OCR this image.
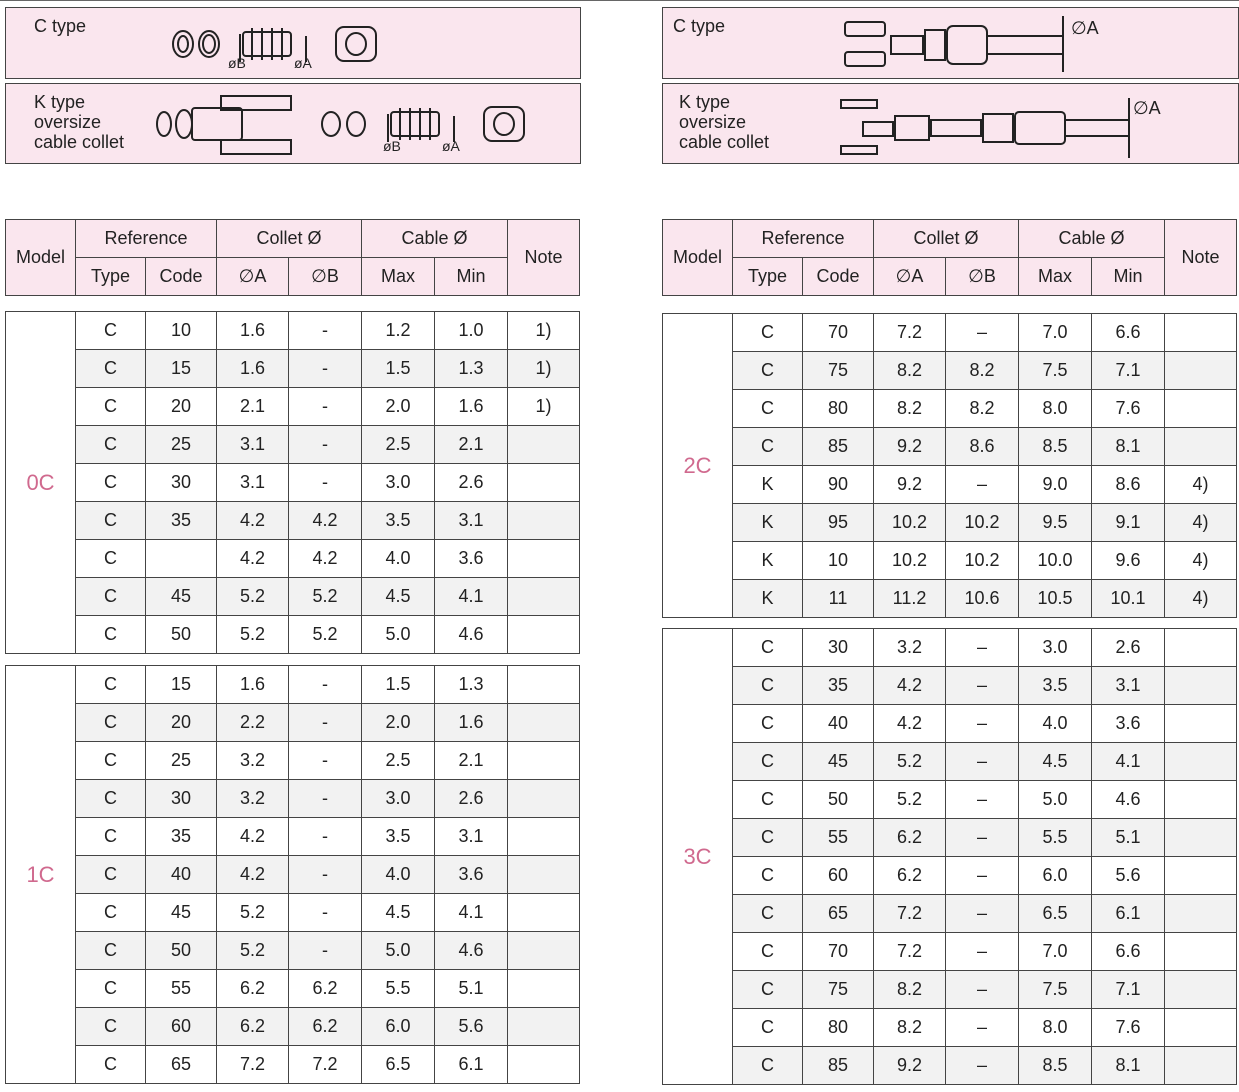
C type
øB	øA
K type
oversize
cable collet	øB	øA
C type	∅A
K type
oversize
cable collet
∅A
Model	Reference		Collet Ø		Cable Ø		Note
	Type	Code	∅A	∅B	Max	Min	
Model	Reference		Collet Ø		Cable Ø		Note
	Type	Code	∅A	∅B	Max	Min	
0C	C	10	1.6	-	1.2	1.0	1)
	C	15	1.6	-	1.5	1.3	1)
	C	20	2.1	-	2.0	1.6	1)
	C	25	3.1	-	2.5	2.1	
	C	30	3.1	-	3.0	2.6	
	C	35	4.2	4.2	3.5	3.1	
	C		4.2	4.2	4.0	3.6	
	C	45	5.2	5.2	4.5	4.1	
	C	50	5.2	5.2	5.0	4.6	
1C	C	15	1.6	-	1.5	1.3	
	C	20	2.2	-	2.0	1.6	
	C	25	3.2	-	2.5	2.1	
	C	30	3.2	-	3.0	2.6	
	C	35	4.2	-	3.5	3.1	
	C	40	4.2	-	4.0	3.6	
	C	45	5.2	-	4.5	4.1	
	C	50	5.2	-	5.0	4.6	
	C	55	6.2	6.2	5.5	5.1	
	C	60	6.2	6.2	6.0	5.6	
	C	65	7.2	7.2	6.5	6.1	
2C	C	70	7.2	–	7.0	6.6	
	C	75	8.2	8.2	7.5	7.1	
	C	80	8.2	8.2	8.0	7.6	
	C	85	9.2	8.6	8.5	8.1	
	K	90	9.2	–	9.0	8.6	4)
	K	95	10.2	10.2	9.5	9.1	4)
	K	10	10.2	10.2	10.0	9.6	4)
	K	11	11.2	10.6	10.5	10.1	4)
3C	C	30	3.2	–	3.0	2.6	
	C	35	4.2	–	3.5	3.1	
	C	40	4.2	–	4.0	3.6	
	C	45	5.2	–	4.5	4.1	
	C	50	5.2	–	5.0	4.6	
	C	55	6.2	–	5.5	5.1	
	C	60	6.2	–	6.0	5.6	
	C	65	7.2	–	6.5	6.1	
	C	70	7.2	–	7.0	6.6	
	C	75	8.2	–	7.5	7.1	
	C	80	8.2	–	8.0	7.6	
	C	85	9.2	–	8.5	8.1	
